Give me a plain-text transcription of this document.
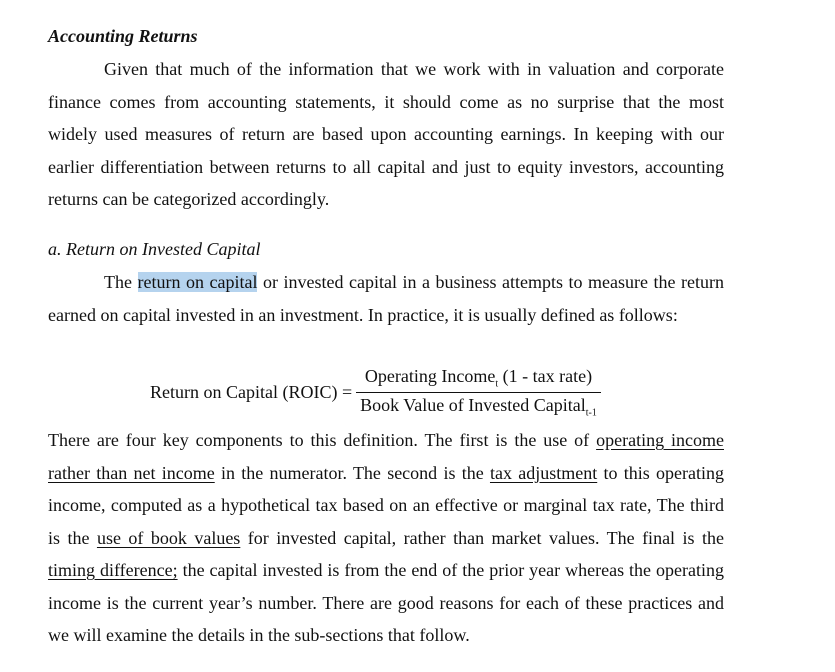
Accounting Returns

Given that much of the information that we work with in valuation and corporate finance comes from accounting statements, it should come as no surprise that the most widely used measures of return are based upon accounting earnings. In keeping with our earlier differentiation between returns to all capital and just to equity investors, accounting returns can be categorized accordingly.

a. Return on Invested Capital

The return on capital or invested capital in a business attempts to measure the return earned on capital invested in an investment. In practice, it is usually defined as follows:

Return on Capital (ROIC) = $\frac{Operating Income_t (1 - tax rate)}{Book Value of Invested Capital_{t-1}}$

There are four key components to this definition. The first is the use of operating income rather than net income in the numerator. The second is the tax adjustment to this operating income, computed as a hypothetical tax based on an effective or marginal tax rate, The third is the use of book values for invested capital, rather than market values. The final is the timing difference; the capital invested is from the end of the prior year whereas the operating income is the current year’s number. There are good reasons for each of these practices and we will examine the details in the sub-sections that follow.
